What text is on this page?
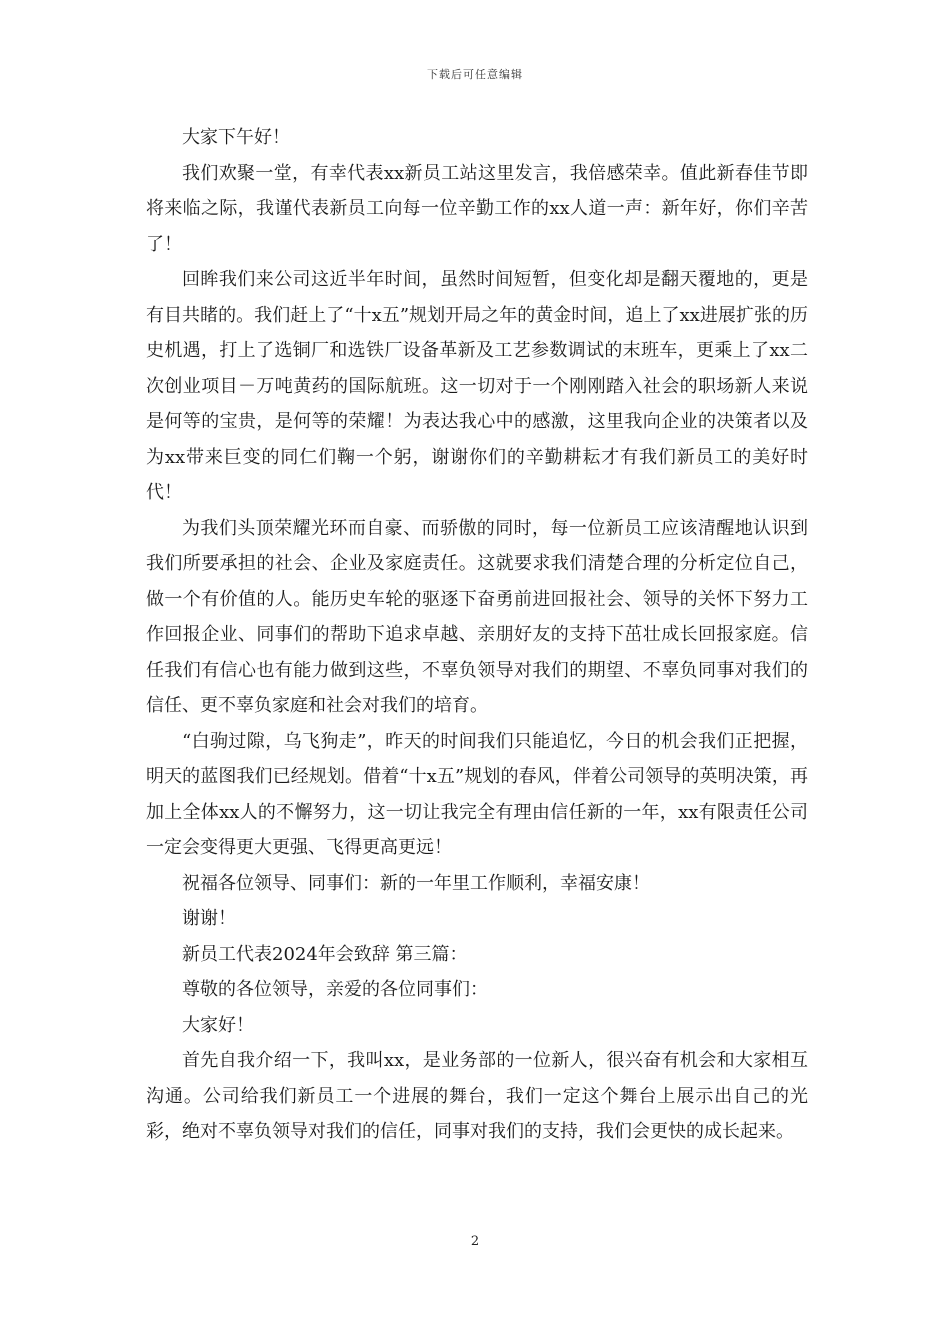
下载后可任意编辑

大家下午好！

我们欢聚一堂，有幸代表xx新员工站这里发言，我倍感荣幸。值此新春佳节即将来临之际，我谨代表新员工向每一位辛勤工作的xx人道一声：新年好，你们辛苦了！

回眸我们来公司这近半年时间，虽然时间短暂，但变化却是翻天覆地的，更是有目共睹的。我们赶上了“十x五”规划开局之年的黄金时间，追上了xx进展扩张的历史机遇，打上了选铜厂和选铁厂设备革新及工艺参数调试的末班车，更乘上了xx二次创业项目－万吨黄药的国际航班。这一切对于一个刚刚踏入社会的职场新人来说是何等的宝贵，是何等的荣耀！为表达我心中的感激，这里我向企业的决策者以及为xx带来巨变的同仁们鞠一个躬，谢谢你们的辛勤耕耘才有我们新员工的美好时代！

为我们头顶荣耀光环而自豪、而骄傲的同时，每一位新员工应该清醒地认识到我们所要承担的社会、企业及家庭责任。这就要求我们清楚合理的分析定位自己，做一个有价值的人。能历史车轮的驱逐下奋勇前进回报社会、领导的关怀下努力工作回报企业、同事们的帮助下追求卓越、亲朋好友的支持下茁壮成长回报家庭。信任我们有信心也有能力做到这些，不辜负领导对我们的期望、不辜负同事对我们的信任、更不辜负家庭和社会对我们的培育。

“白驹过隙，乌飞狗走”，昨天的时间我们只能追忆，今日的机会我们正把握，明天的蓝图我们已经规划。借着“十x五”规划的春风，伴着公司领导的英明决策，再加上全体xx人的不懈努力，这一切让我完全有理由信任新的一年，xx有限责任公司一定会变得更大更强、飞得更高更远！

祝福各位领导、同事们：新的一年里工作顺利，幸福安康！

谢谢！

新员工代表2024年会致辞 第三篇：

尊敬的各位领导，亲爱的各位同事们：

大家好！

首先自我介绍一下，我叫xx，是业务部的一位新人，很兴奋有机会和大家相互沟通。公司给我们新员工一个进展的舞台，我们一定这个舞台上展示出自己的光彩，绝对不辜负领导对我们的信任，同事对我们的支持，我们会更快的成长起来。

2
